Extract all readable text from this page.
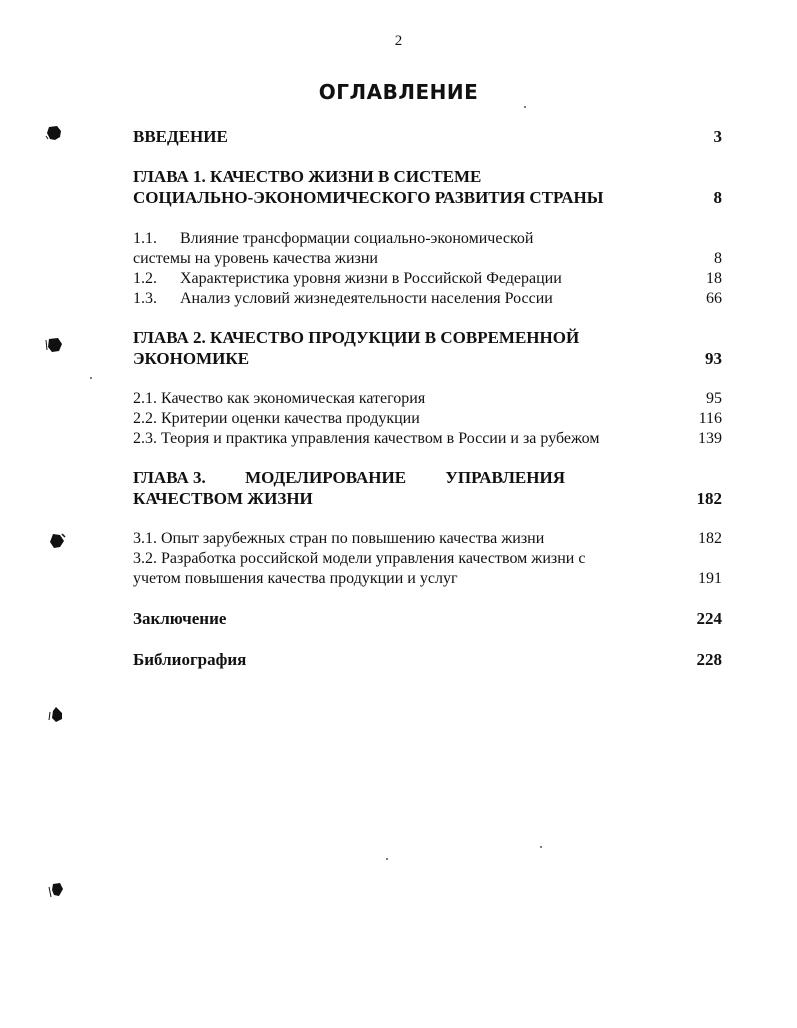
2
ОГЛАВЛЕНИЕ
ВВЕДЕНИЕ	3
ГЛАВА 1. КАЧЕСТВО ЖИЗНИ В СИСТЕМЕ
СОЦИАЛЬНО-ЭКОНОМИЧЕСКОГО РАЗВИТИЯ СТРАНЫ	8
1.1. Влияние трансформации социально-экономической
системы на уровень качества жизни	8
1.2. Характеристика уровня жизни в Российской Федерации	18
1.3. Анализ условий жизнедеятельности населения России	66
ГЛАВА 2. КАЧЕСТВО ПРОДУКЦИИ В СОВРЕМЕННОЙ
ЭКОНОМИКЕ	93
2.1. Качество как экономическая категория	95
2.2. Критерии оценки качества продукции	116
2.3. Теория и практика управления качеством в России и за рубежом	139
ГЛАВА 3. МОДЕЛИРОВАНИЕ УПРАВЛЕНИЯ
КАЧЕСТВОМ ЖИЗНИ	182
3.1. Опыт зарубежных стран по повышению качества жизни	182
3.2. Разработка российской модели управления качеством жизни с
учетом повышения качества продукции и услуг	191
Заключение	224
Библиография	228
